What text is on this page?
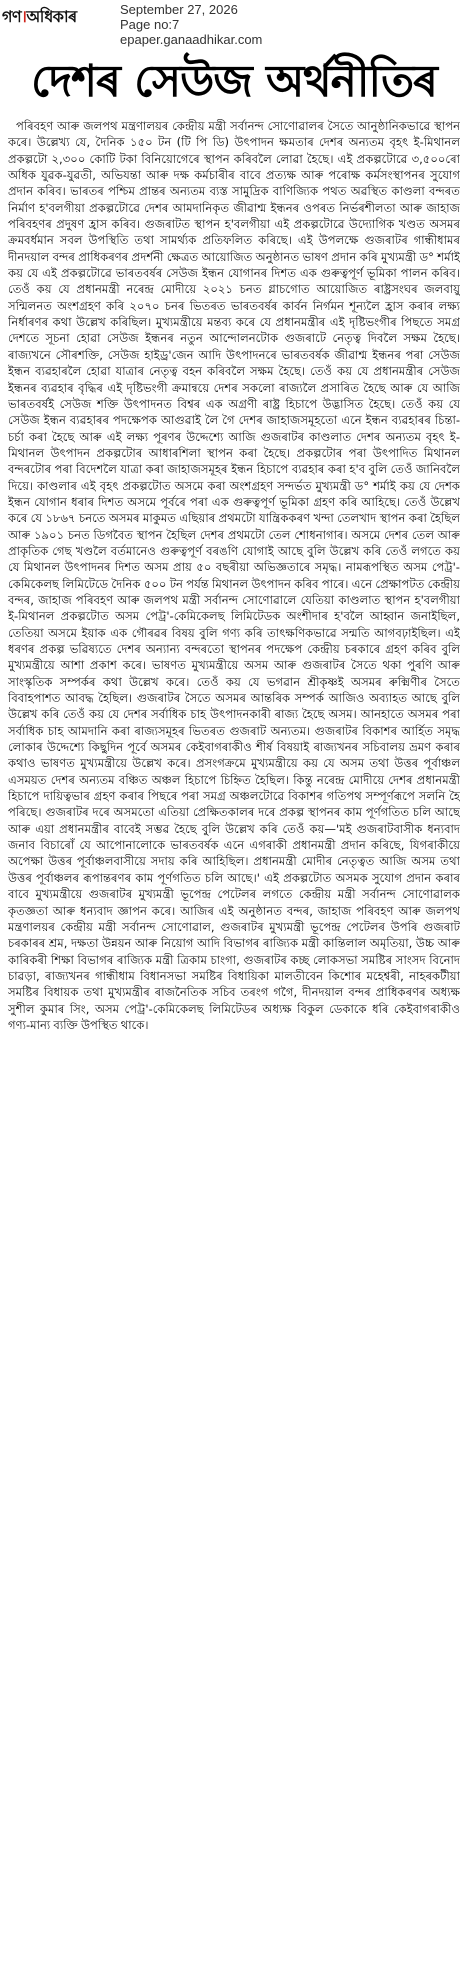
গণ।অধিকাৰ	September 27, 2026
Page no:7
epaper.ganaadhikar.com
দেশৰ সেউজ অৰ্থনীতিৰ

পৰিবহণ আৰু জলপথ মন্ত্ৰণালয়ৰ কেন্দ্ৰীয় মন্ত্ৰী সৰ্বানন্দ সোণোৱালৰ সৈতে আনুষ্ঠানিকভাৱে স্থাপন কৰে। উল্লেখ্য যে, দৈনিক ১৫০ টন (টি পি ডি) উৎপাদন ক্ষমতাৰ দেশৰ অন্যতম বৃহৎ ই-মিথানল প্ৰকল্পটো ২,৩০০ কোটি টকা বিনিয়োগেৰে স্থাপন কৰিবলৈ লোৱা হৈছে। এই প্ৰকল্পটোৱে ৩,৫০০ৰো অধিক যুৱক-যুৱতী, অভিযন্তা আৰু দক্ষ কৰ্মচাৰীৰ বাবে প্ৰত্যক্ষ আৰু পৰোক্ষ কৰ্মসংস্থাপনৰ সুযোগ প্ৰদান কৰিব। ভাৰতৰ পশ্চিম প্ৰান্তৰ অন্যতম ব্যস্ত সামুদ্ৰিক বাণিজ্যিক পথত অৱস্থিত কাণ্ডলা বন্দৰত নিৰ্মাণ হ'বলগীয়া প্ৰকল্পটোৱে দেশৰ আমদানিকৃত জীৱাশ্ম ইন্ধনৰ ওপৰত নিৰ্ভৰশীলতা আৰু জাহাজ পৰিবহণৰ প্ৰদুষণ হ্ৰাস কৰিব। গুজৰাটত স্থাপন হ'বলগীয়া এই প্ৰকল্পটোৱে উদ্যোগিক খণ্ডত অসমৰ ক্ৰমবৰ্ধমান সবল উপস্থিতি তথা সামৰ্থ্যক প্ৰতিফলিত কৰিছে। এই উপলক্ষে গুজৰাটৰ গান্ধীধামৰ দীনদয়াল বন্দৰ প্ৰাধিকৰণৰ প্ৰদৰ্শনী ক্ষেত্ৰত আয়োজিত অনুষ্ঠানত ভাষণ প্ৰদান কৰি মুখ্যমন্ত্ৰী ড° শৰ্মাই কয় যে এই প্ৰকল্পটোৱে ভাৰতবৰ্ষৰ সেউজ ইন্ধন যোগানৰ দিশত এক গুৰুত্বপূৰ্ণ ভূমিকা পালন কৰিব। তেওঁ কয় যে প্ৰধানমন্ত্ৰী নৰেন্দ্ৰ মোদীয়ে ২০২১ চনত গ্লাচগোত আয়োজিত ৰাষ্ট্ৰসংঘৰ জলবায়ু সন্মিলনত অংশগ্ৰহণ কৰি ২০৭০ চনৰ ভিতৰত ভাৰতবৰ্ষৰ কাৰ্বন নিৰ্গমন শূন্যলৈ হ্ৰাস কৰাৰ লক্ষ্য নিৰ্ধাৰণৰ কথা উল্লেখ কৰিছিল। মুখ্যমন্ত্ৰীয়ে মন্তব্য কৰে যে প্ৰধানমন্ত্ৰীৰ এই দৃষ্টিভংগীৰ পিছতে সমগ্ৰ দেশতে সূচনা হোৱা সেউজ ইন্ধনৰ নতুন আন্দোলনটোক গুজৰাটে নেতৃত্ব দিবলৈ সক্ষম হৈছে। ৰাজ্যখনে সৌৰশক্তি, সেউজ হাইড্ৰ'জেন আদি উৎপাদনৰে ভাৰতবৰ্ষক জীৱাশ্ম ইন্ধনৰ পৰা সেউজ ইন্ধন ব্যৱহাৰলৈ হোৱা যাত্ৰাৰ নেতৃত্ব বহন কৰিবলৈ সক্ষম হৈছে। তেওঁ কয় যে প্ৰধানমন্ত্ৰীৰ সেউজ ইন্ধনৰ ব্যৱহাৰ বৃদ্ধিৰ এই দৃষ্টিভংগী ক্ৰমান্বয়ে দেশৰ সকলো ৰাজ্যলৈ প্ৰসাৰিত হৈছে আৰু যে আজি ভাৰতবৰ্ষই সেউজ শক্তি উৎপাদনত বিশ্বৰ এক অগ্ৰণী ৰাষ্ট্ৰ হিচাপে উদ্ভাসিত হৈছে। তেওঁ কয় যে সেউজ ইন্ধন ব্যৱহাৰৰ পদক্ষেপক আগুৱাই লৈ গৈ দেশৰ জাহাজসমূহতো এনে ইন্ধন ব্যৱহাৰৰ চিন্তা-চৰ্চা কৰা হৈছে আৰু এই লক্ষ্য পূৰণৰ উদ্দেশ্যে আজি গুজৰাটৰ কাণ্ডলাত দেশৰ অন্যতম বৃহৎ ই-মিথানল উৎপাদন প্ৰকল্পটোৰ আধাৰশিলা স্থাপন কৰা হৈছে। প্ৰকল্পটোৰ পৰা উৎপাদিত মিথানল বন্দৰটোৰ পৰা বিদেশলৈ যাত্ৰা কৰা জাহাজসমূহৰ ইন্ধন হিচাপে ব্যৱহাৰ কৰা হ'ব বুলি তেওঁ জানিবলৈ দিয়ে। কাণ্ডলাৰ এই বৃহৎ প্ৰকল্পটোত অসমে কৰা অংশগ্ৰহণ সন্দৰ্ভত মুখ্যমন্ত্ৰী ড° শৰ্মাই কয় যে দেশক ইন্ধন যোগান ধৰাৰ দিশত অসমে পূৰ্বৰে পৰা এক গুৰুত্বপূৰ্ণ ভূমিকা গ্ৰহণ কৰি আহিছে। তেওঁ উল্লেখ কৰে যে ১৮৬৭ চনতে অসমৰ মাকুমত এছিয়াৰ প্ৰথমটো যান্ত্ৰিককৰণ খন্দা তেলখাদ স্থাপন কৰা হৈছিল আৰু ১৯০১ চনত ডিগবৈত স্থাপন হৈছিল দেশৰ প্ৰথমটো তেল শোধনাগাৰ। অসমে দেশৰ তেল আৰু প্ৰাকৃতিক গেছ খণ্ডলৈ বৰ্তমানেও গুৰুত্বপূৰ্ণ বৰঙণি যোগাই আছে বুলি উল্লেখ কৰি তেওঁ লগতে কয় যে মিথানল উৎপাদনৰ দিশত অসম প্ৰায় ৫০ বছৰীয়া অভিজ্ঞতাৰে সমৃদ্ধ। নামৰূপস্থিত অসম পেট্ৰ'-কেমিকেলছ লিমিটেডে দৈনিক ৫০০ টন পৰ্যন্ত মিথানল উৎপাদন কৰিব পাৰে। এনে প্ৰেক্ষাপটত কেন্দ্ৰীয় বন্দৰ, জাহাজ পৰিবহণ আৰু জলপথ মন্ত্ৰী সৰ্বানন্দ সোণোৱালে যেতিয়া কাণ্ডলাত স্থাপন হ'বলগীয়া ই-মিথানল প্ৰকল্পটোত অসম পেট্ৰ'-কেমিকেলছ লিমিটেডক অংশীদাৰ হ'বলৈ আহ্বান জনাইছিল, তেতিয়া অসমে ইয়াক এক গৌৰৱৰ বিষয় বুলি গণ্য কৰি তাৎক্ষণিকভাৱে সন্মতি আগবঢ়াইছিল। এই ধৰণৰ প্ৰকল্প ভৱিষ্যতে দেশৰ অন্যান্য বন্দৰতো স্থাপনৰ পদক্ষেপ কেন্দ্ৰীয় চৰকাৰে গ্ৰহণ কৰিব বুলি মুখ্যমন্ত্ৰীয়ে আশা প্ৰকাশ কৰে। ভাষণত মুখ্যমন্ত্ৰীয়ে অসম আৰু গুজৰাটৰ সৈতে থকা পুৰণি আৰু সাংস্কৃতিক সম্পৰ্কৰ কথা উল্লেখ কৰে। তেওঁ কয় যে ভগৱান শ্ৰীকৃষ্ণই অসমৰ ৰুক্মিণীৰ সৈতে বিবাহপাশত আবদ্ধ হৈছিল। গুজৰাটৰ সৈতে অসমৰ আন্তৰিক সম্পৰ্ক আজিও অব্যাহত আছে বুলি উল্লেখ কৰি তেওঁ কয় যে দেশৰ সৰ্বাধিক চাহ উৎপাদনকাৰী ৰাজ্য হৈছে অসম। আনহাতে অসমৰ পৰা সৰ্বাধিক চাহ আমদানি কৰা ৰাজ্যসমূহৰ ভিতৰত গুজৰাট অন্যতম। গুজৰাটৰ বিকাশৰ আৰ্হিত সমৃদ্ধ লোকাৰ উদ্দেশ্যে কিছুদিন পূৰ্বে অসমৰ কেইবাগৰাকীও শীৰ্ষ বিষয়াই ৰাজ্যখনৰ সচিবালয় ভ্ৰমণ কৰাৰ কথাও ভাষণত মুখ্যমন্ত্ৰীয়ে উল্লেখ কৰে। প্ৰসংগক্ৰমে মুখ্যমন্ত্ৰীয়ে কয় যে অসম তথা উত্তৰ পূৰ্বাঞ্চল এসময়ত দেশৰ অন্যতম বঞ্চিত অঞ্চল হিচাপে চিহ্নিত হৈছিল। কিন্তু নৰেন্দ্ৰ মোদীয়ে দেশৰ প্ৰধানমন্ত্ৰী হিচাপে দায়িত্বভাৰ গ্ৰহণ কৰাৰ পিছৰে পৰা সমগ্ৰ অঞ্চলটোৱে বিকাশৰ গতিপথ সম্পূৰ্ণৰূপে সলনি হৈ পৰিছে। গুজৰাটৰ দৰে অসমতো এতিয়া প্ৰেক্ষিতকালৰ দৰে প্ৰকল্প স্থাপনৰ কাম পূৰ্ণগতিত চলি আছে আৰু এয়া প্ৰধানমন্ত্ৰীৰ বাবেই সম্ভৱ হৈছে বুলি উল্লেখ কৰি তেওঁ কয়—'মই গুজৰাটবাসীক ধন্যবাদ জনাব বিচাৰোঁ যে আপোনালোকে ভাৰতবৰ্ষক এনে এগৰাকী প্ৰধানমন্ত্ৰী প্ৰদান কৰিছে, যিগৰাকীয়ে অপেক্ষা উত্তৰ পূৰ্বাঞ্চলবাসীয়ে সদায় কৰি আহিছিল। প্ৰধানমন্ত্ৰী মোদীৰ নেতৃত্বত আজি অসম তথা উত্তৰ পূৰ্বাঞ্চলৰ ৰূপান্তৰণৰ কাম পূৰ্ণগতিত চলি আছে।' এই প্ৰকল্পটোত অসমক সুযোগ প্ৰদান কৰাৰ বাবে মুখ্যমন্ত্ৰীয়ে গুজৰাটৰ মুখ্যমন্ত্ৰী ভূপেন্দ্ৰ পেটেলৰ লগতে কেন্দ্ৰীয় মন্ত্ৰী সৰ্বানন্দ সোণোৱালক কৃতজ্ঞতা আৰু ধন্যবাদ জ্ঞাপন কৰে। আজিৰ এই অনুষ্ঠানত বন্দৰ, জাহাজ পৰিবহণ আৰু জলপথ মন্ত্ৰণালয়ৰ কেন্দ্ৰীয় মন্ত্ৰী সৰ্বানন্দ সোণোৱাল, গুজৰাটৰ মুখ্যমন্ত্ৰী ভূপেন্দ্ৰ পেটেলৰ উপৰি গুজৰাট চৰকাৰৰ শ্ৰম, দক্ষতা উন্নয়ন আৰু নিয়োগ আদি বিভাগৰ ৰাজ্যিক মন্ত্ৰী কান্তিলাল অমৃতিয়া, উচ্চ আৰু কাৰিকৰী শিক্ষা বিভাগৰ ৰাজ্যিক মন্ত্ৰী ত্ৰিকাম চাংগা, গুজৰাটৰ কচ্ছ লোকসভা সমষ্টিৰ সাংসদ বিনোদ চাৱড়া, ৰাজ্যখনৰ গান্ধীধাম বিধানসভা সমষ্টিৰ বিধায়িকা মালতীবেন কিশোৰ মহেশ্বৰী, নাহৰকটীয়া সমষ্টিৰ বিধায়ক তথা মুখ্যমন্ত্ৰীৰ ৰাজনৈতিক সচিব তৰংগ গগৈ, দীনদয়াল বন্দৰ প্ৰাধিকৰণৰ অধ্যক্ষ সুশীল কুমাৰ সিং, অসম পেট্ৰ'-কেমিকেলছ লিমিটেডৰ অধ্যক্ষ বিকুল ডেকাকে ধৰি কেইবাগৰাকীও গণ্য-মান্য ব্যক্তি উপস্থিত থাকে।
